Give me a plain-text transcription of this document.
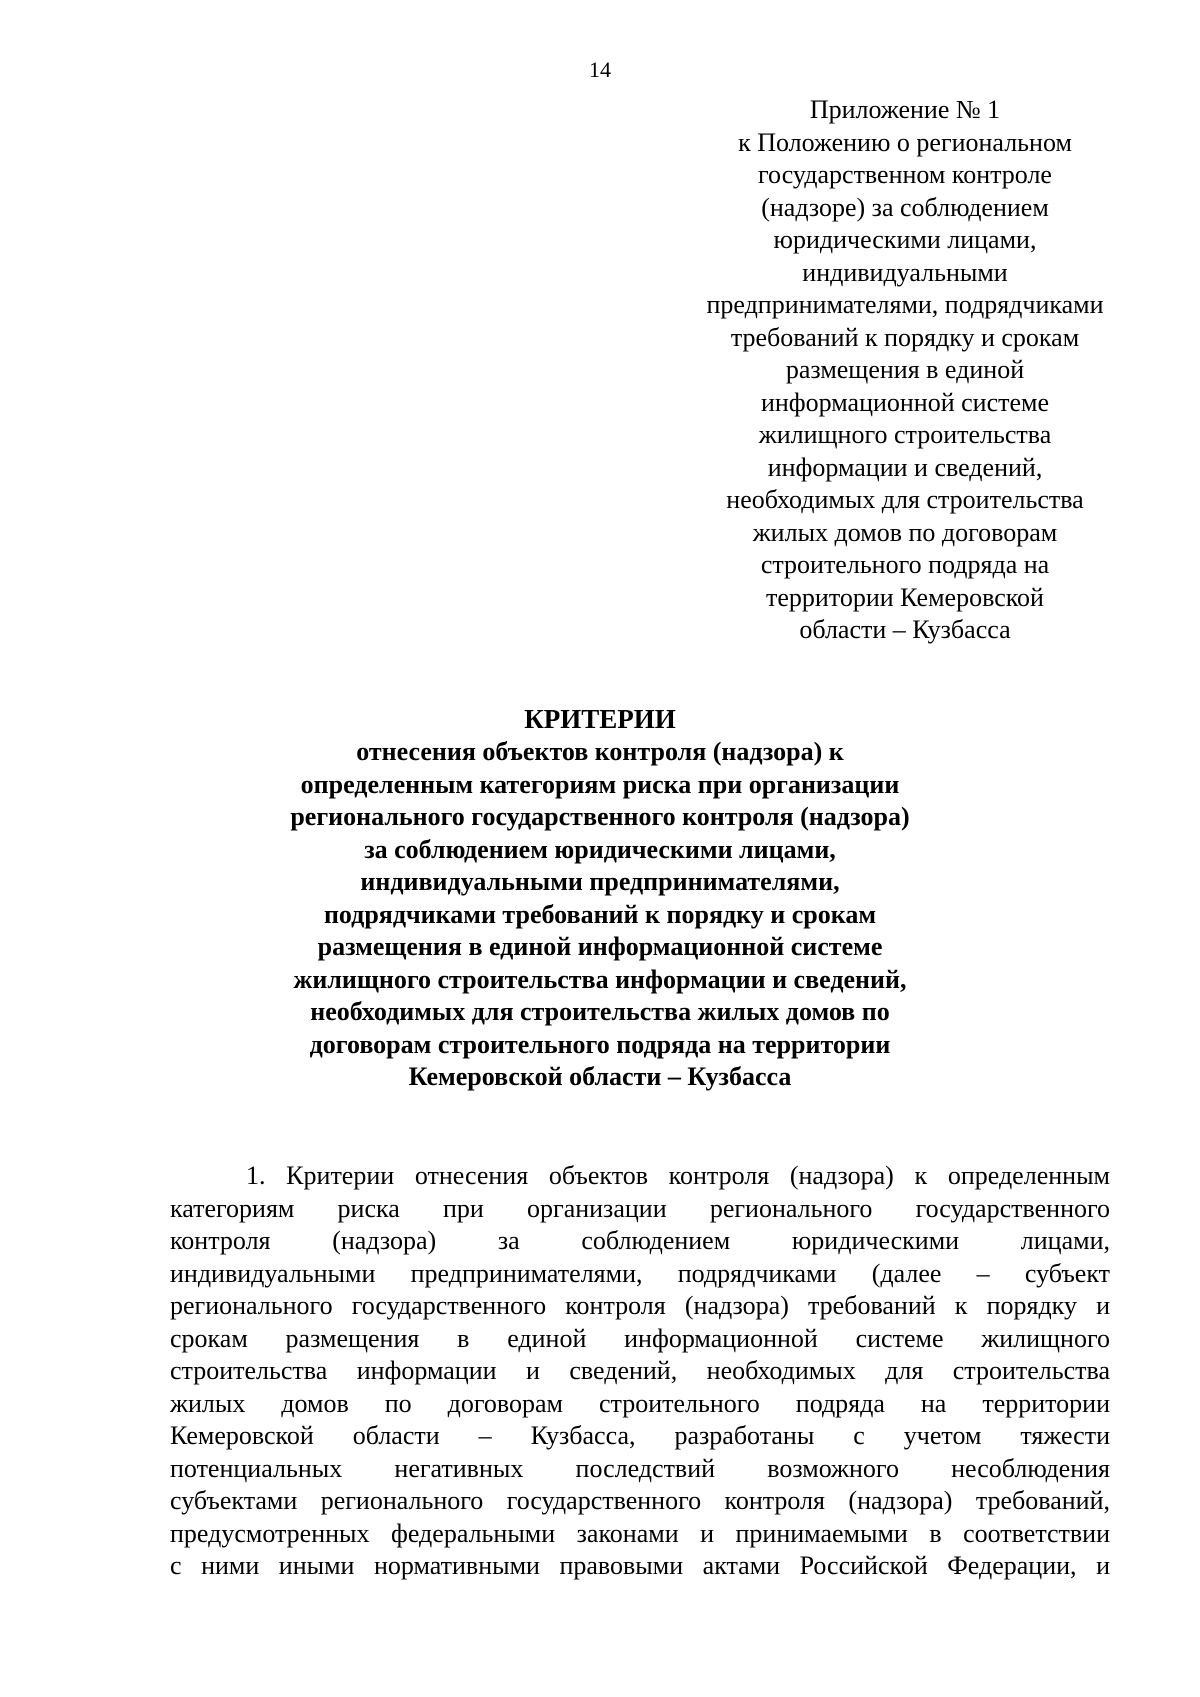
14
Приложение № 1
к Положению о региональном
государственном контроле
(надзоре) за соблюдением
юридическими лицами,
индивидуальными
предпринимателями, подрядчиками
требований к порядку и срокам
размещения в единой
информационной системе
жилищного строительства
информации и сведений,
необходимых для строительства
жилых домов по договорам
строительного подряда на
территории Кемеровской
области – Кузбасса
КРИТЕРИИ
отнесения объектов контроля (надзора) к
определенным категориям риска при организации
регионального государственного контроля (надзора)
за соблюдением юридическими лицами,
индивидуальными предпринимателями,
подрядчиками требований к порядку и срокам
размещения в единой информационной системе
жилищного строительства информации и сведений,
необходимых для строительства жилых домов по
договорам строительного подряда на территории
Кемеровской области – Кузбасса
1. Критерии отнесения объектов контроля (надзора) к определенным
категориям риска при организации регионального государственного
контроля (надзора) за соблюдением юридическими лицами,
индивидуальными предпринимателями, подрядчиками (далее – субъект
регионального государственного контроля (надзора) требований к порядку и
срокам размещения в единой информационной системе жилищного
строительства информации и сведений, необходимых для строительства
жилых домов по договорам строительного подряда на территории
Кемеровской области – Кузбасса, разработаны с учетом тяжести
потенциальных негативных последствий возможного несоблюдения
субъектами регионального государственного контроля (надзора) требований,
предусмотренных федеральными законами и принимаемыми в соответствии
с ними иными нормативными правовыми актами Российской Федерации, и
